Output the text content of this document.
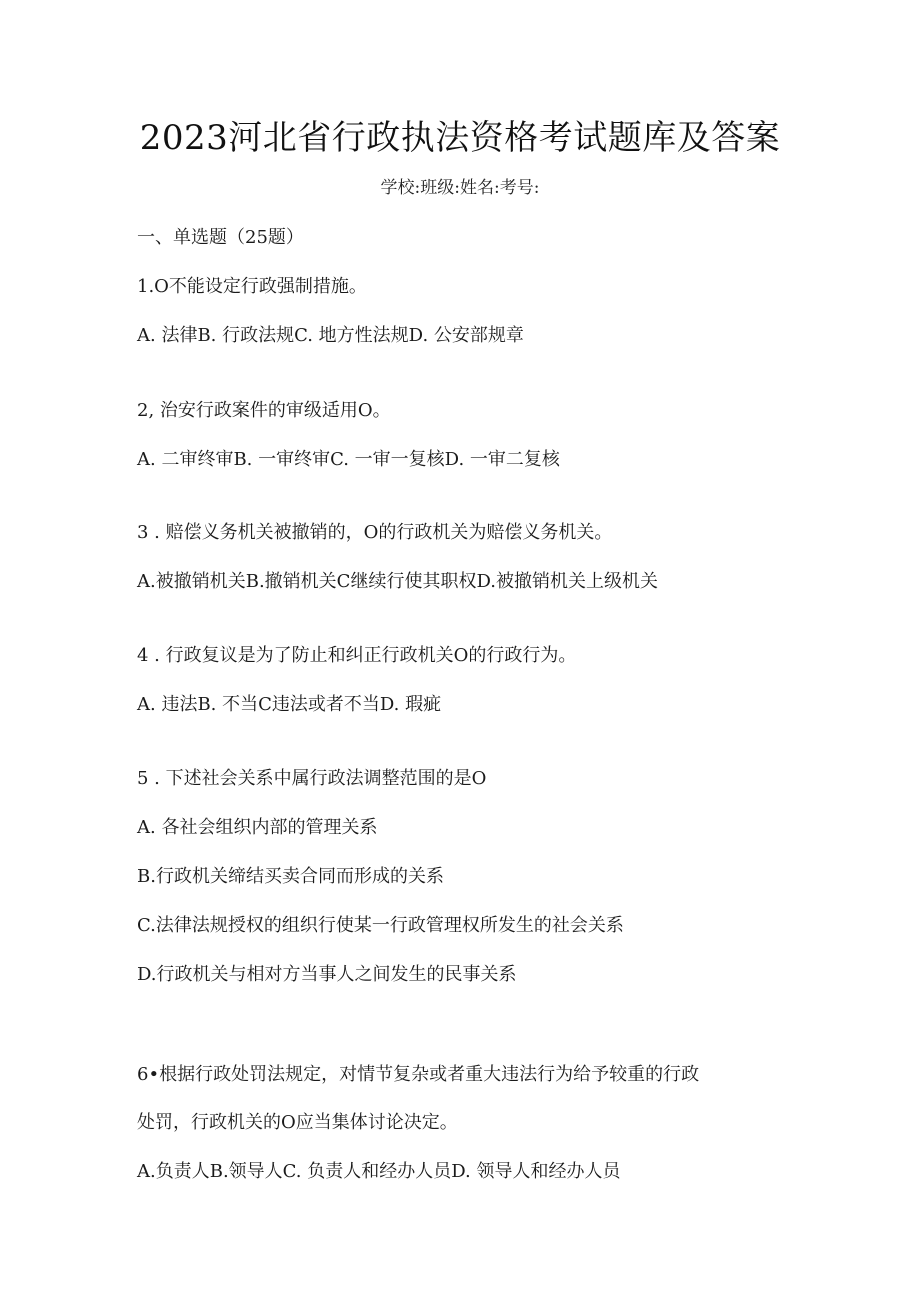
2023河北省行政执法资格考试题库及答案
学校:班级:姓名:考号:
一、单选题（25题）
1.O不能设定行政强制措施。
A. 法律B. 行政法规C. 地方性法规D. 公安部规章
2, 治安行政案件的审级适用O。
A. 二审终审B. 一审终审C. 一审一复核D. 一审二复核
3 . 赔偿义务机关被撤销的，O的行政机关为赔偿义务机关。
A.被撤销机关B.撤销机关C继续行使其职权D.被撤销机关上级机关
4 . 行政复议是为了防止和纠正行政机关O的行政行为。
A. 违法B. 不当C违法或者不当D. 瑕疵
5 . 下述社会关系中属行政法调整范围的是O
A. 各社会组织内部的管理关系
B.行政机关缔结买卖合同而形成的关系
C.法律法规授权的组织行使某一行政管理权所发生的社会关系
D.行政机关与相对方当事人之间发生的民事关系
6•根据行政处罚法规定，对情节复杂或者重大违法行为给予较重的行政
处罚，行政机关的O应当集体讨论决定。
A.负责人B.领导人C. 负责人和经办人员D. 领导人和经办人员
